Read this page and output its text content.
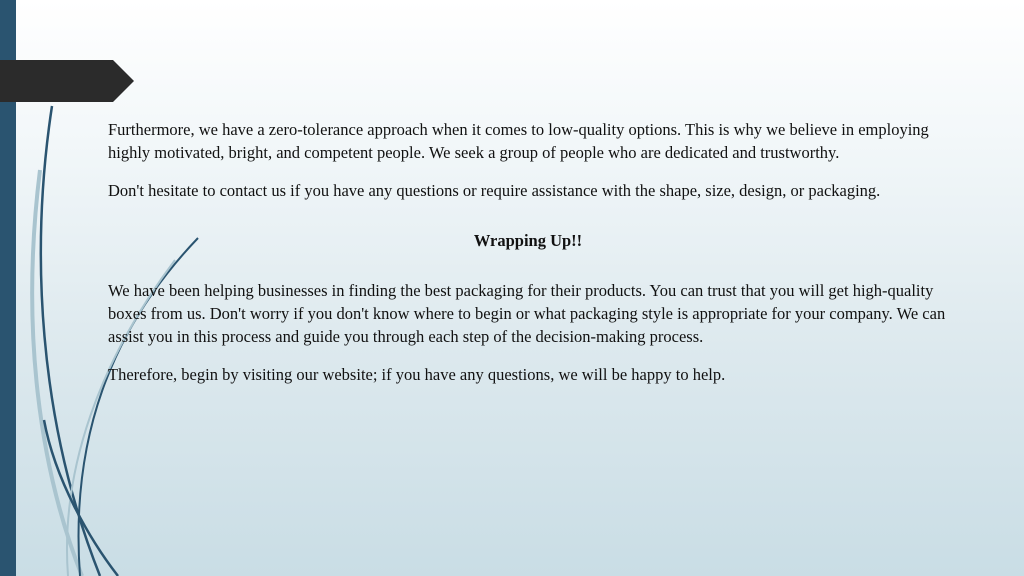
Furthermore, we have a zero-tolerance approach when it comes to low-quality options. This is why we believe in employing highly motivated, bright, and competent people. We seek a group of people who are dedicated and trustworthy.

Don't hesitate to contact us if you have any questions or require assistance with the shape, size, design, or packaging.

Wrapping Up!!

We have been helping businesses in finding the best packaging for their products. You can trust that you will get high-quality boxes from us. Don't worry if you don't know where to begin or what packaging style is appropriate for your company. We can assist you in this process and guide you through each step of the decision-making process.

Therefore, begin by visiting our website; if you have any questions, we will be happy to help.
